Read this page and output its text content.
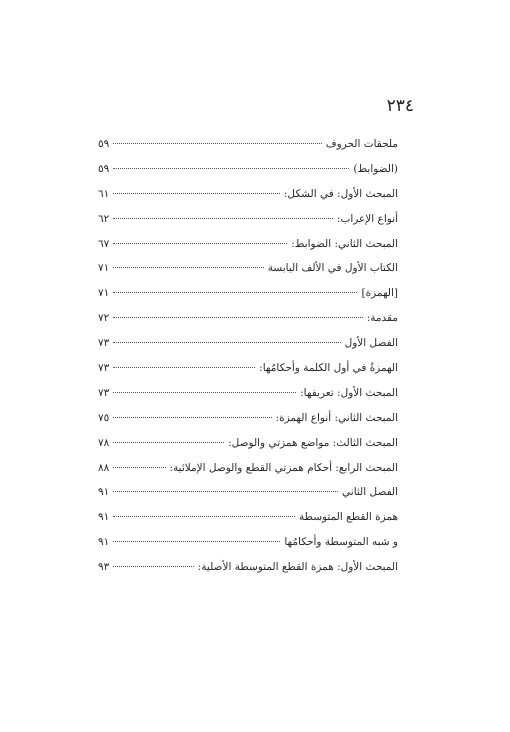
٢٣٤
ملحقات الحروف
٥٩
(الضوابط)
٥٩
المبحث الأول: في الشكل:
٦١
أنواع الإعراب:
٦٢
المبحث الثاني: الضوابط:
٦٧
الكتاب الأول في الألف اليابسة
٧١
[الهمزة]
٧١
مقدمة:
٧٢
الفصل الأول
٧٣
الهمزةُ في أول الكلمة وأحكامُها:
٧٣
المبحث الأول: تعريفها:
٧٣
المبحث الثاني: أنواع الهمزة:
٧٥
المبحث الثالث: مواضع همزتي والوصل:
٧٨
المبحث الرابع: أحكام همزتي القطع والوصل الإملائية:
٨٨
الفصل الثاني
٩١
همزة القطع المتوسطة
٩١
و شبه المتوسطة وأحكامُها
٩١
المبحث الأول: همزة القطع المتوسطة الأصلية:
٩٣
